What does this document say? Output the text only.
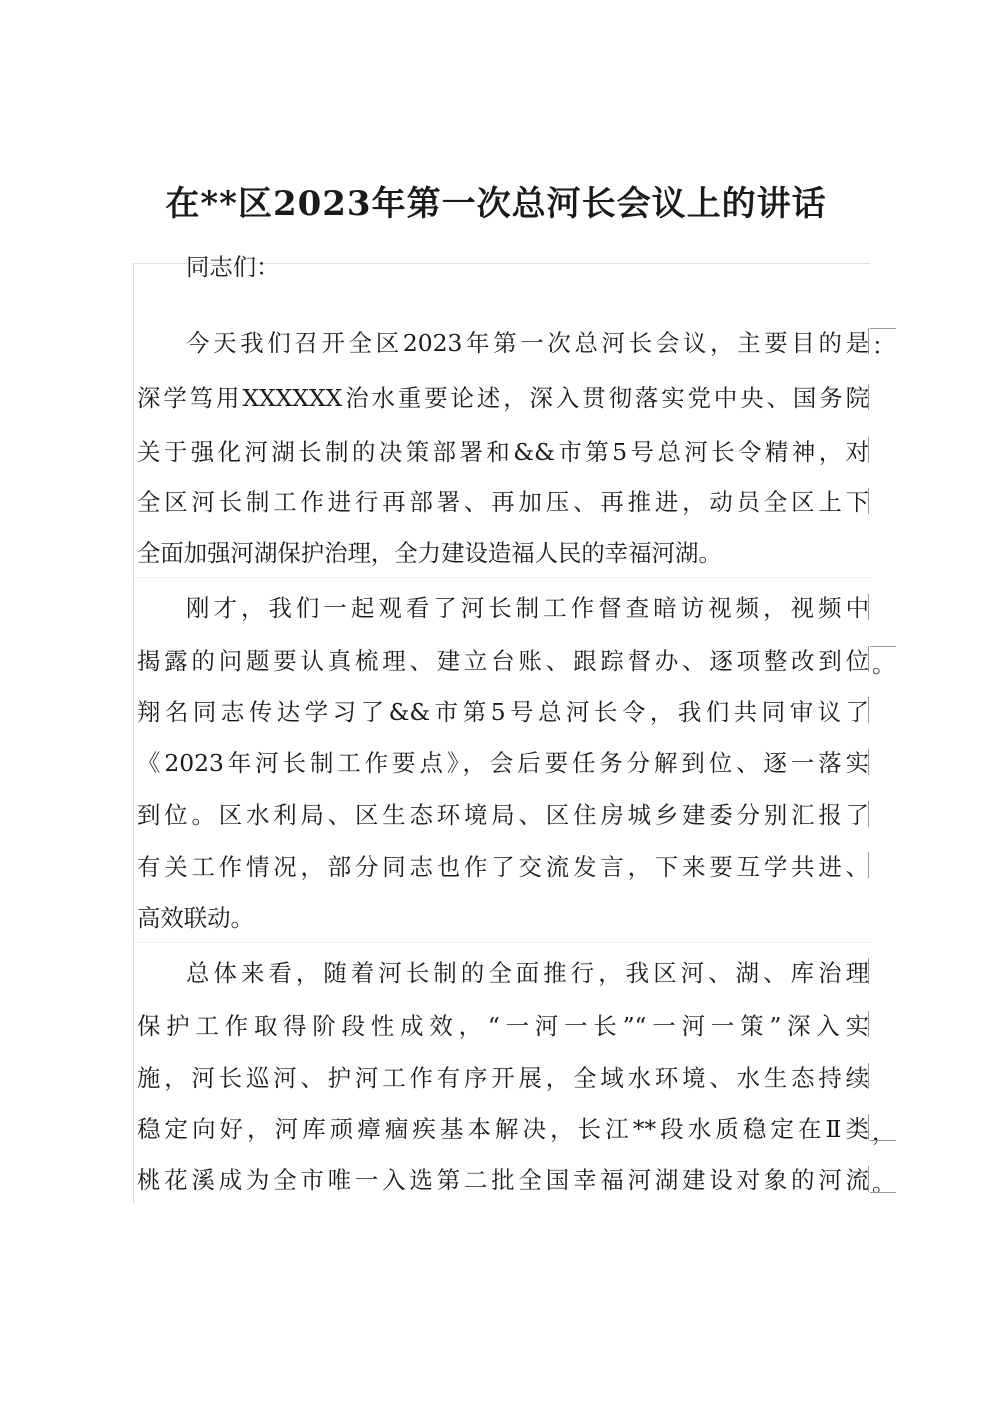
在**区2023年第一次总河长会议上的讲话
同志们：
今天我们召开全区2023年第一次总河长会议，主要目的是 ：
深学笃用XXXXXX治水重要论述，深入贯彻落实党中央、国务院
关于强化河湖长制的决策部署和&&市第5号总河长令精神，对
全区河长制工作进行再部署、再加压、再推进，动员全区上下
全面加强河湖保护治理，全力建设造福人民的幸福河湖。
刚才，我们一起观看了河长制工作督查暗访视频，视频中
揭露的问题要认真梳理、建立台账、跟踪督办、逐项整改到位 。
翔名同志传达学习了&&市第5号总河长令，我们共同审议了
《2023年河长制工作要点》，会后要任务分解到位、逐一落实
到位。区水利局、区生态环境局、区住房城乡建委分别汇报了
有关工作情况，部分同志也作了交流发言，下来要互学共进、
高效联动。
总体来看，随着河长制的全面推行，我区河、湖、库治理
保护工作取得阶段性成效，“一河一长”“一河一策”深入实
施，河长巡河、护河工作有序开展，全域水环境、水生态持续
稳定向好，河库顽瘴痼疾基本解决，长江**段水质稳定在Ⅱ类 ，
桃花溪成为全市唯一入选第二批全国幸福河湖建设对象的河流 。
